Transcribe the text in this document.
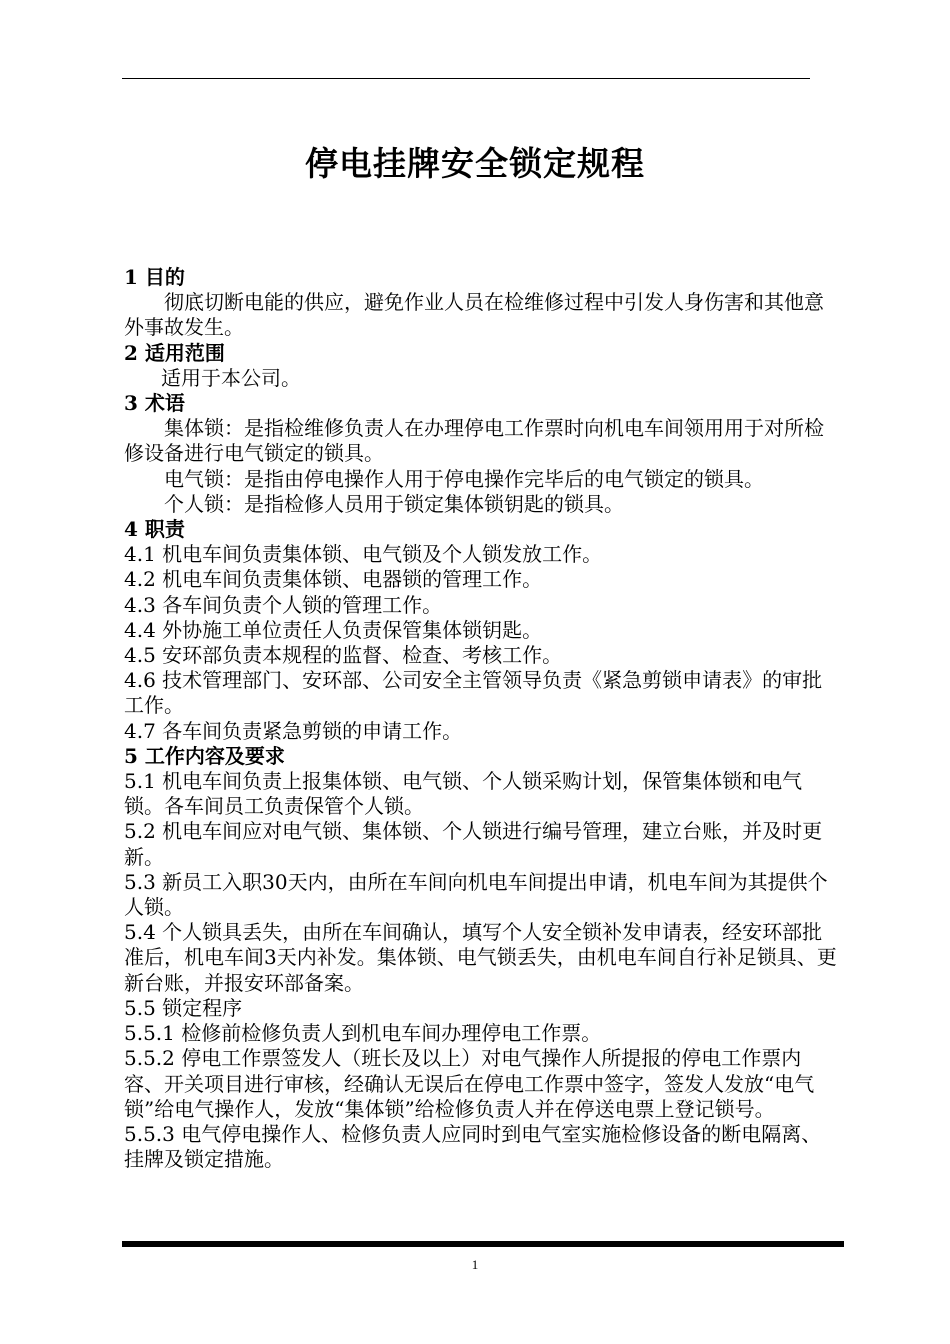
停电挂牌安全锁定规程

1 目的

彻底切断电能的供应，避免作业人员在检维修过程中引发人身伤害和其他意外事故发生。

2 适用范围

适用于本公司。

3 术语

集体锁：是指检维修负责人在办理停电工作票时向机电车间领用用于对所检修设备进行电气锁定的锁具。

电气锁：是指由停电操作人用于停电操作完毕后的电气锁定的锁具。

个人锁：是指检修人员用于锁定集体锁钥匙的锁具。

4 职责

4.1 机电车间负责集体锁、电气锁及个人锁发放工作。

4.2 机电车间负责集体锁、电器锁的管理工作。

4.3 各车间负责个人锁的管理工作。

4.4 外协施工单位责任人负责保管集体锁钥匙。

4.5 安环部负责本规程的监督、检查、考核工作。

4.6 技术管理部门、安环部、公司安全主管领导负责《紧急剪锁申请表》的审批工作。

4.7 各车间负责紧急剪锁的申请工作。

5 工作内容及要求

5.1 机电车间负责上报集体锁、电气锁、个人锁采购计划，保管集体锁和电气锁。各车间员工负责保管个人锁。

5.2 机电车间应对电气锁、集体锁、个人锁进行编号管理，建立台账，并及时更新。

5.3 新员工入职30天内，由所在车间向机电车间提出申请，机电车间为其提供个人锁。

5.4 个人锁具丢失，由所在车间确认，填写个人安全锁补发申请表，经安环部批准后，机电车间3天内补发。集体锁、电气锁丢失，由机电车间自行补足锁具、更新台账，并报安环部备案。

5.5 锁定程序

5.5.1 检修前检修负责人到机电车间办理停电工作票。

5.5.2 停电工作票签发人（班长及以上）对电气操作人所提报的停电工作票内容、开关项目进行审核，经确认无误后在停电工作票中签字，签发人发放“电气锁”给电气操作人，发放“集体锁”给检修负责人并在停送电票上登记锁号。

5.5.3 电气停电操作人、检修负责人应同时到电气室实施检修设备的断电隔离、挂牌及锁定措施。

1
